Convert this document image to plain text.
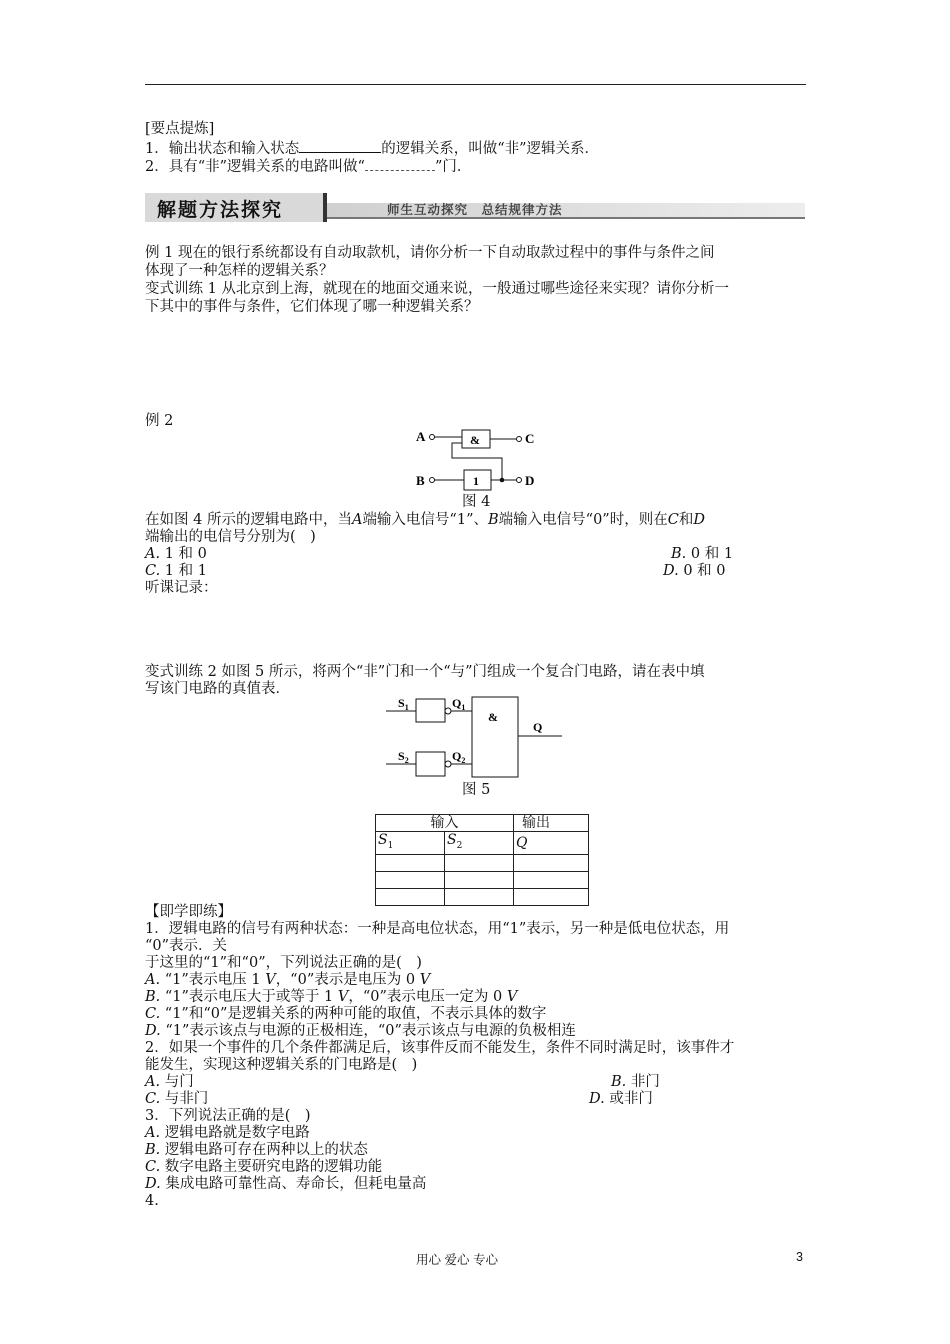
[要点提炼]
1．输出状态和输入状态	的逻辑关系，叫做“非”逻辑关系．
2．具有“非”逻辑关系的电路叫做“	”门．
解题方法探究	师生互动探究　总结规律方法
例 1 现在的银行系统都设有自动取款机，请你分析一下自动取款过程中的事件与条件之间
体现了一种怎样的逻辑关系？
变式训练 1 从北京到上海，就现在的地面交通来说，一般通过哪些途径来实现？请你分析一
下其中的事件与条件，它们体现了哪一种逻辑关系？
例 2
A	&	C
B	1	D
图 4
在如图 4 所示的逻辑电路中，当A端输入电信号“1”、B端输入电信号“0”时，则在C和D
端输出的电信号分别为(　)
A. 1 和 0	B. 0 和 1
C. 1 和 1	D. 0 和 0
听课记录：
变式训练 2 如图 5 所示，将两个“非”门和一个“与”门组成一个复合门电路，请在表中填
写该门电路的真值表．
$S_1$	$Q_1$
$S_2$	$Q_2$
&
Q
图 5
输入		输出
$S_1$	$S_2$	Q

【即学即练】
1．逻辑电路的信号有两种状态：一种是高电位状态，用“1”表示，另一种是低电位状态，用
“0”表示．关
于这里的“1”和“0”，下列说法正确的是(　)
A. “1”表示电压 1 V，“0”表示是电压为 0 V
B. “1”表示电压大于或等于 1 V，“0”表示电压一定为 0 V
C. “1”和“0”是逻辑关系的两种可能的取值，不表示具体的数字
D. “1”表示该点与电源的正极相连，“0”表示该点与电源的负极相连
2．如果一个事件的几个条件都满足后，该事件反而不能发生，条件不同时满足时，该事件才
能发生，实现这种逻辑关系的门电路是(　)
A. 与门	B. 非门
C. 与非门	D. 或非门
3．下列说法正确的是(　)
A. 逻辑电路就是数字电路
B. 逻辑电路可存在两种以上的状态
C. 数字电路主要研究电路的逻辑功能
D. 集成电路可靠性高、寿命长，但耗电量高
4.
用心 爱心 专心	3
